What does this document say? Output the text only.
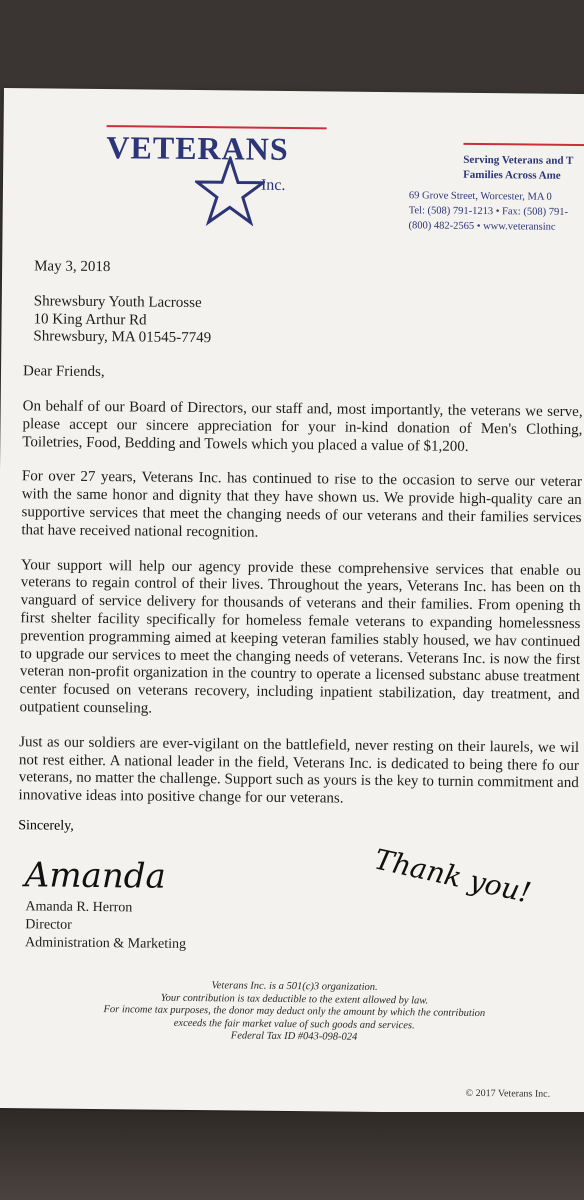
VETERANS
Inc.
Serving Veterans and T
Families Across Ame
69 Grove Street, Worcester, MA 0
Tel: (508) 791-1213 • Fax: (508) 791-
(800) 482-2565 • www.veteransinc

May 3, 2018

Shrewsbury Youth Lacrosse

10 King Arthur Rd

Shrewsbury, MA 01545-7749

Dear Friends,

On behalf of our Board of Directors, our staff and, most importantly, the veterans we serve, please accept our sincere appreciation for your in-kind donation of Men's Clothing, Toiletries, Food, Bedding and Towels which you placed a value of $1,200.

For over 27 years, Veterans Inc. has continued to rise to the occasion to serve our veterar with the same honor and dignity that they have shown us. We provide high-quality care an supportive services that meet the changing needs of our veterans and their families services that have received national recognition.

Your support will help our agency provide these comprehensive services that enable ou veterans to regain control of their lives. Throughout the years, Veterans Inc. has been on th vanguard of service delivery for thousands of veterans and their families. From opening th first shelter facility specifically for homeless female veterans to expanding homelessness prevention programming aimed at keeping veteran families stably housed, we hav continued to upgrade our services to meet the changing needs of veterans. Veterans Inc. is now the first veteran non-profit organization in the country to operate a licensed substanc abuse treatment center focused on veterans recovery, including inpatient stabilization, day treatment, and outpatient counseling.

Just as our soldiers are ever-vigilant on the battlefield, never resting on their laurels, we wil not rest either. A national leader in the field, Veterans Inc. is dedicated to being there fo our veterans, no matter the challenge. Support such as yours is the key to turnin commitment and innovative ideas into positive change for our veterans.

Sincerely,

Amanda
Amanda R. Herron
Director
Administration & Marketing
Thank you!
Veterans Inc. is a 501(c)3 organization.
Your contribution is tax deductible to the extent allowed by law.
For income tax purposes, the donor may deduct only the amount by which the contribution
exceeds the fair market value of such goods and services.
Federal Tax ID #043-098-024
© 2017 Veterans Inc.
